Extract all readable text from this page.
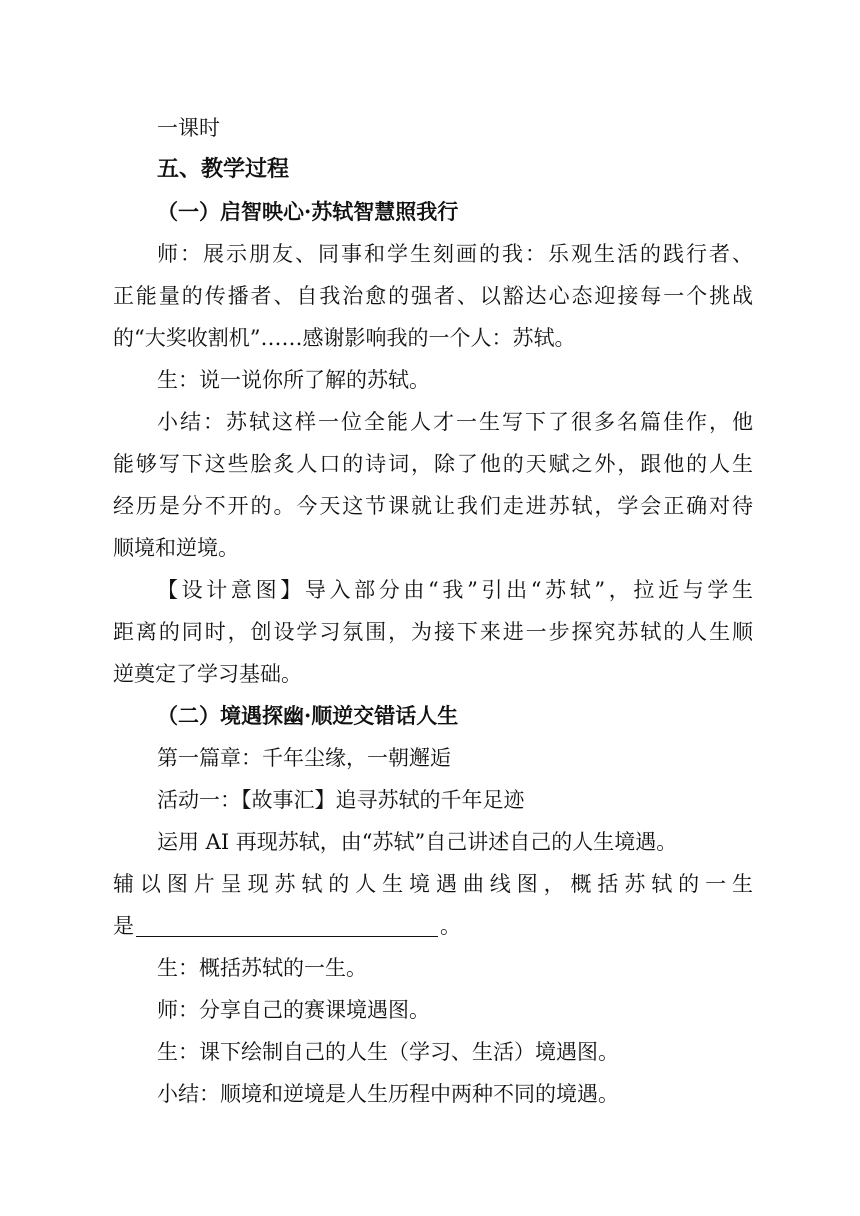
一课时
五、教学过程
（一）启智映心·苏轼智慧照我行
师：展示朋友、同事和学生刻画的我：乐观生活的践行者、
正能量的传播者、自我治愈的强者、以豁达心态迎接每一个挑战
的“大奖收割机”……感谢影响我的一个人：苏轼。
生：说一说你所了解的苏轼。
小结：苏轼这样一位全能人才一生写下了很多名篇佳作，他
能够写下这些脍炙人口的诗词，除了他的天赋之外，跟他的人生
经历是分不开的。今天这节课就让我们走进苏轼，学会正确对待
顺境和逆境。
【设计意图】导入部分由“我”引出“苏轼”，拉近与学生
距离的同时，创设学习氛围，为接下来进一步探究苏轼的人生顺
逆奠定了学习基础。
（二）境遇探幽·顺逆交错话人生
第一篇章：千年尘缘，一朝邂逅
活动一：【故事汇】追寻苏轼的千年足迹
运用 AI 再现苏轼，由“苏轼”自己讲述自己的人生境遇。
辅以图片呈现苏轼的人生境遇曲线图，概括苏轼的一生
是	。
生：概括苏轼的一生。
师：分享自己的赛课境遇图。
生：课下绘制自己的人生（学习、生活）境遇图。
小结：顺境和逆境是人生历程中两种不同的境遇。
